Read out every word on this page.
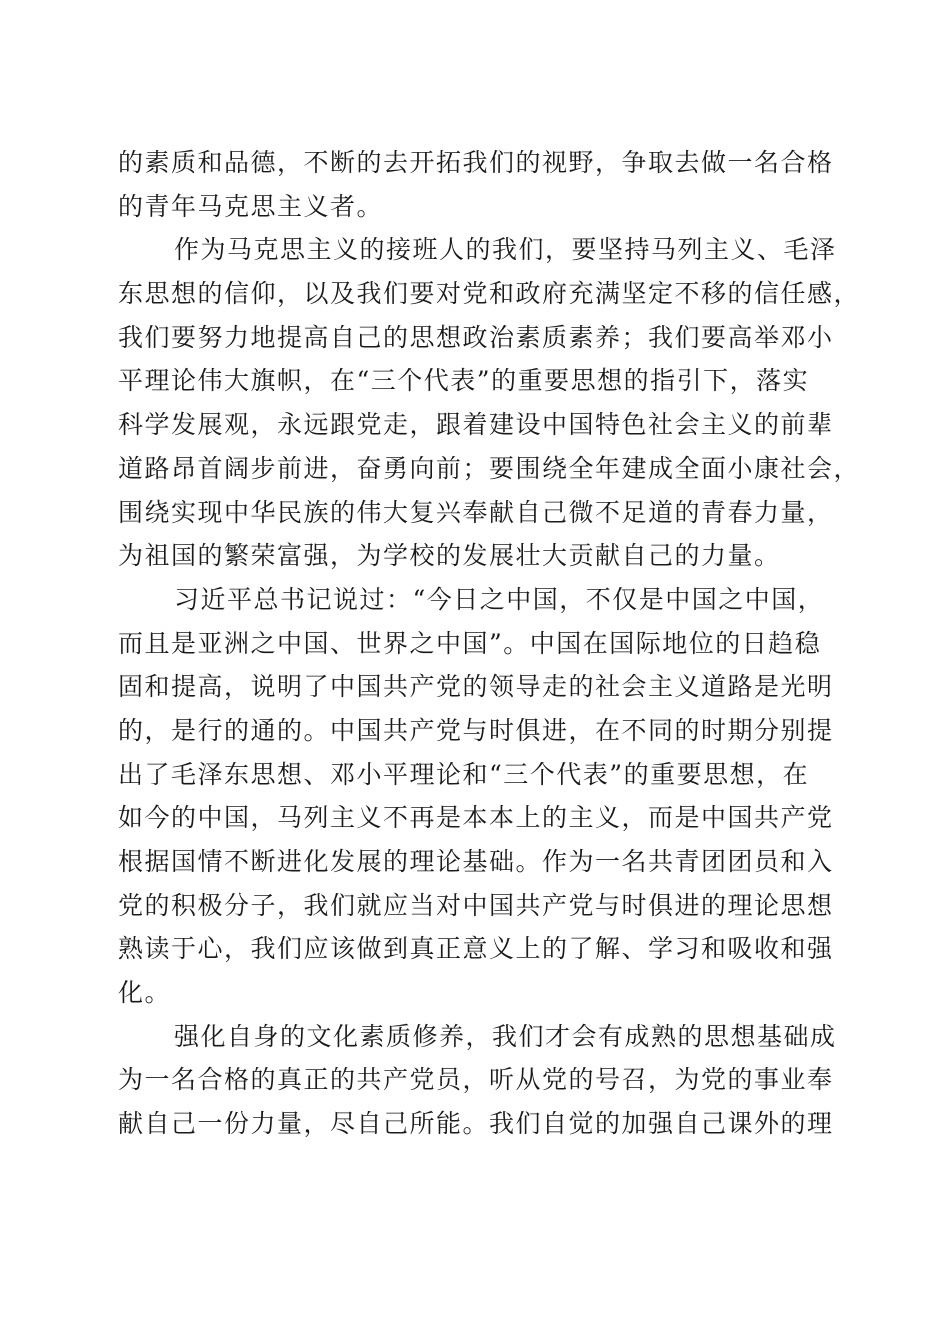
的素质和品德，不断的去开拓我们的视野，争取去做一名合格
的青年马克思主义者。
作为马克思主义的接班人的我们，要坚持马列主义、毛泽
东思想的信仰，以及我们要对党和政府充满坚定不移的信任感，
我们要努力地提高自己的思想政治素质素养；我们要高举邓小
平理论伟大旗帜，在“三个代表”的重要思想的指引下，落实
科学发展观，永远跟党走，跟着建设中国特色社会主义的前辈
道路昂首阔步前进，奋勇向前；要围绕全年建成全面小康社会，
围绕实现中华民族的伟大复兴奉献自己微不足道的青春力量，
为祖国的繁荣富强，为学校的发展壮大贡献自己的力量。
习近平总书记说过：“今日之中国，不仅是中国之中国，
而且是亚洲之中国、世界之中国”。中国在国际地位的日趋稳
固和提高，说明了中国共产党的领导走的社会主义道路是光明
的，是行的通的。中国共产党与时俱进，在不同的时期分别提
出了毛泽东思想、邓小平理论和“三个代表”的重要思想，在
如今的中国，马列主义不再是本本上的主义，而是中国共产党
根据国情不断进化发展的理论基础。作为一名共青团团员和入
党的积极分子，我们就应当对中国共产党与时俱进的理论思想
熟读于心，我们应该做到真正意义上的了解、学习和吸收和强
化。
强化自身的文化素质修养，我们才会有成熟的思想基础成
为一名合格的真正的共产党员，听从党的号召，为党的事业奉
献自己一份力量，尽自己所能。我们自觉的加强自己课外的理
